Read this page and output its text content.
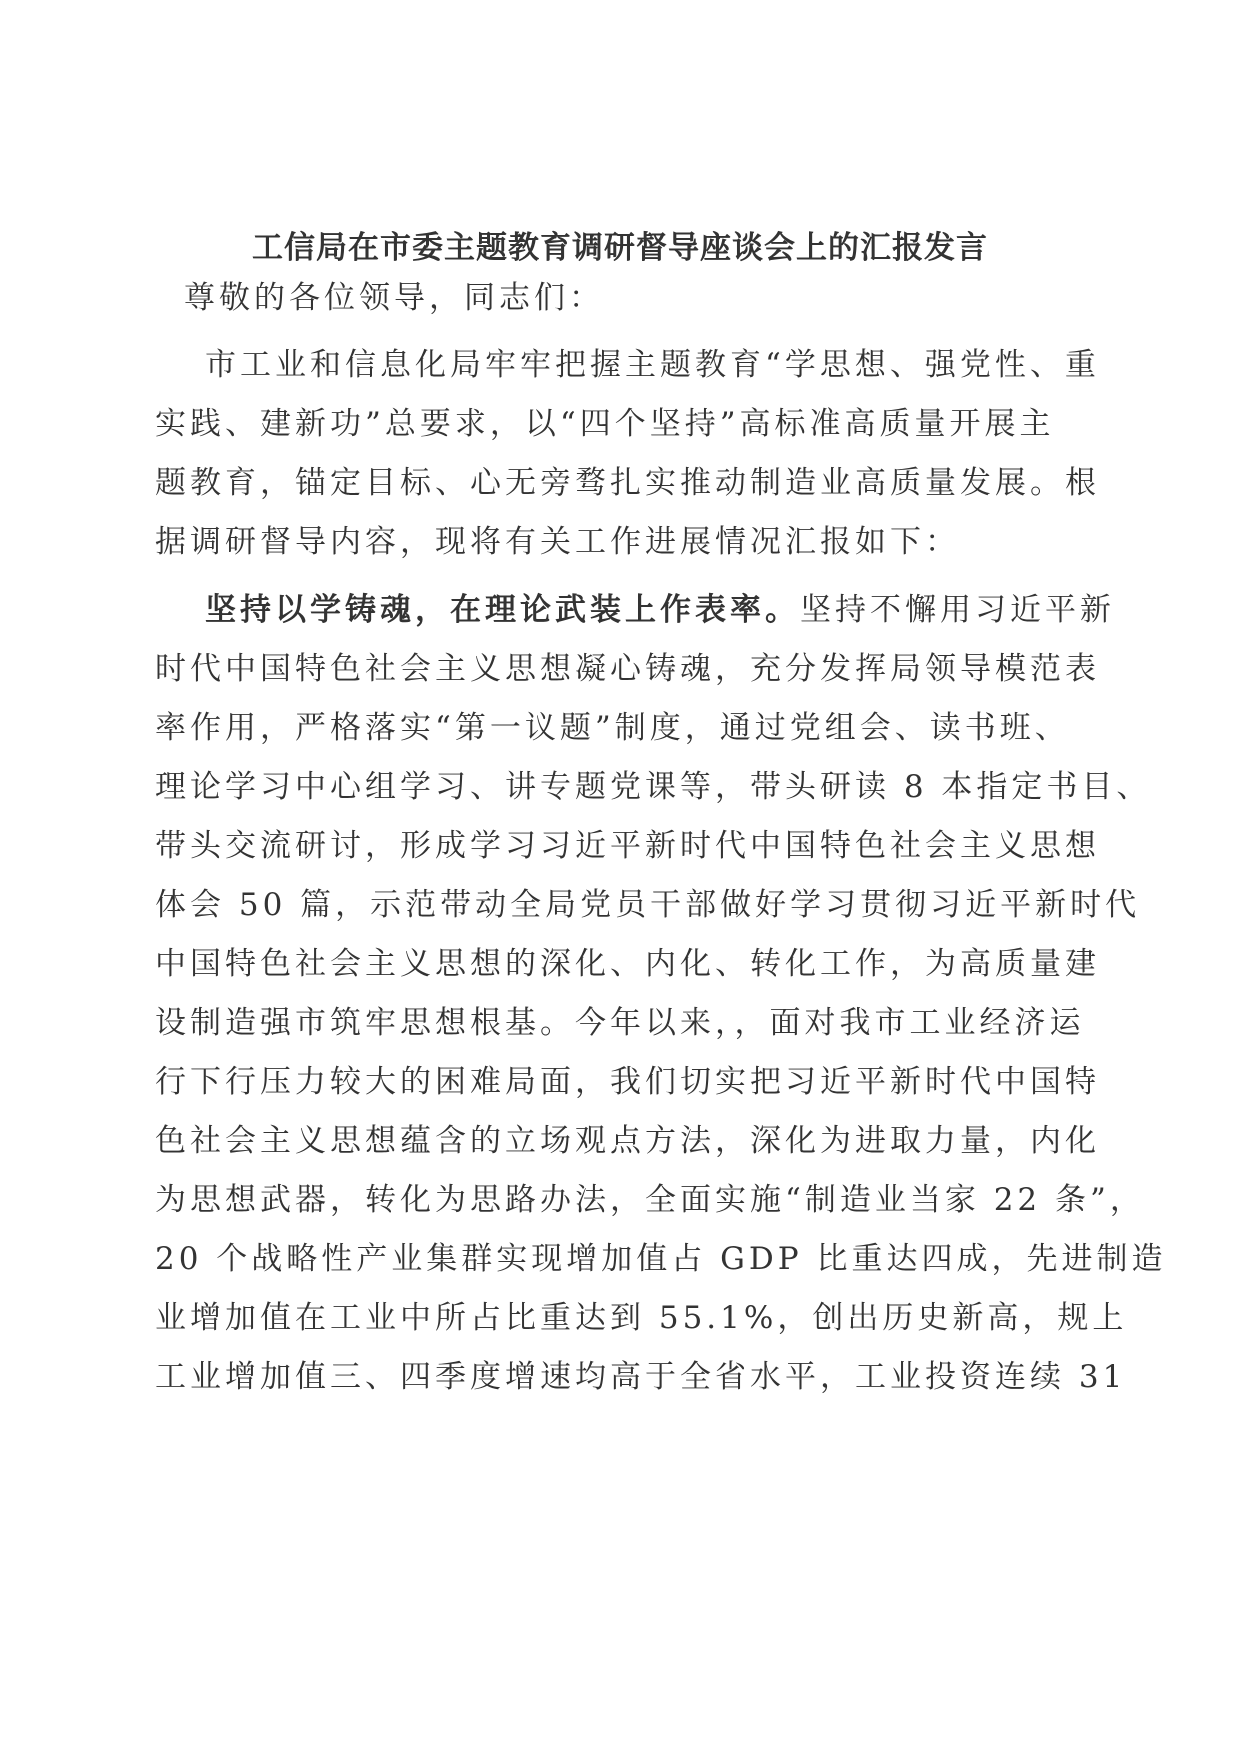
工信局在市委主题教育调研督导座谈会上的汇报发言
尊敬的各位领导，同志们：
市工业和信息化局牢牢把握主题教育“学思想、强党性、重
实践、建新功”总要求，以“四个坚持”高标准高质量开展主
题教育，锚定目标、心无旁骛扎实推动制造业高质量发展。根
据调研督导内容，现将有关工作进展情况汇报如下：
坚持以学铸魂，在理论武装上作表率。坚持不懈用习近平新
时代中国特色社会主义思想凝心铸魂，充分发挥局领导模范表
率作用，严格落实“第一议题”制度，通过党组会、读书班、
理论学习中心组学习、讲专题党课等，带头研读 8 本指定书目、
带头交流研讨，形成学习习近平新时代中国特色社会主义思想
体会 50 篇，示范带动全局党员干部做好学习贯彻习近平新时代
中国特色社会主义思想的深化、内化、转化工作，为高质量建
设制造强市筑牢思想根基。今年以来，，面对我市工业经济运
行下行压力较大的困难局面，我们切实把习近平新时代中国特
色社会主义思想蕴含的立场观点方法，深化为进取力量，内化
为思想武器，转化为思路办法，全面实施“制造业当家 22 条”，
20 个战略性产业集群实现增加值占 GDP 比重达四成，先进制造
业增加值在工业中所占比重达到 55.1%，创出历史新高，规上
工业增加值三、四季度增速均高于全省水平，工业投资连续 31
